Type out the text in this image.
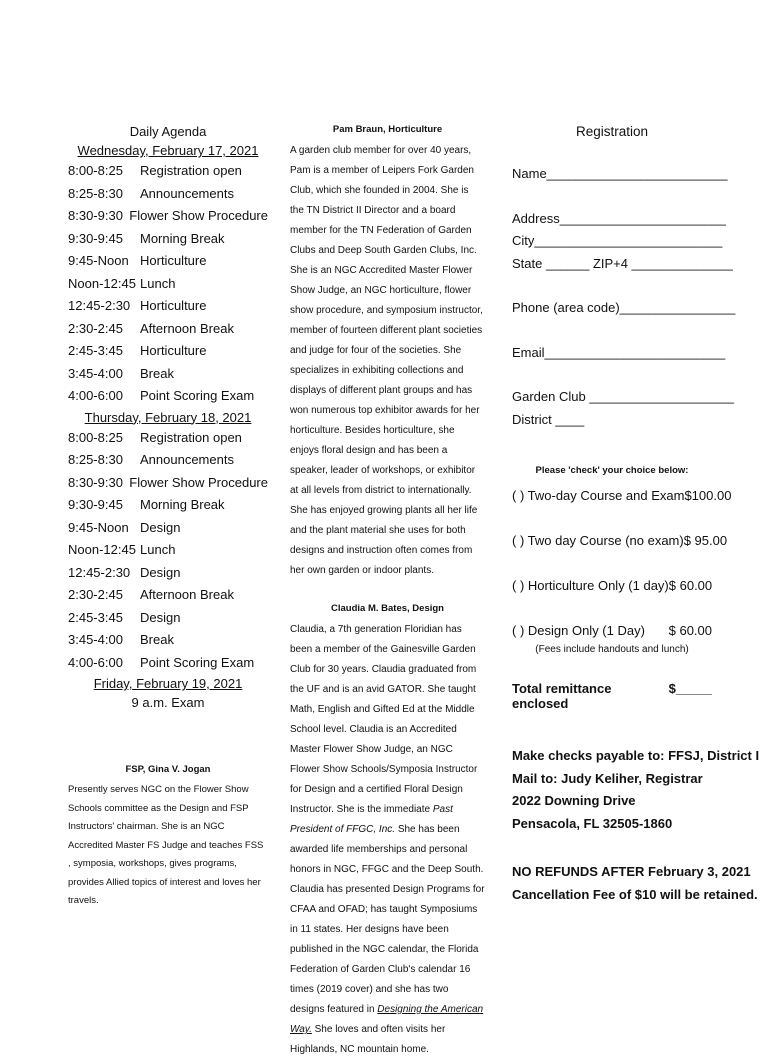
Daily Agenda
Wednesday, February 17, 2021
8:00-8:25	Registration open
8:25-8:30	Announcements
8:30-9:30 Flower Show Procedure
9:30-9:45	Morning Break
9:45-Noon Horticulture
Noon-12:45 Lunch
12:45-2:30 Horticulture
2:30-2:45	Afternoon Break
2:45-3:45	Horticulture
3:45-4:00	Break
4:00-6:00	Point Scoring Exam
Thursday, February 18, 2021
8:00-8:25	Registration open
8:25-8:30	Announcements
8:30-9:30 Flower Show Procedure
9:30-9:45	Morning Break
9:45-Noon Design
Noon-12:45 Lunch
12:45-2:30 Design
2:30-2:45	Afternoon Break
2:45-3:45	Design
3:45-4:00	Break
4:00-6:00	Point Scoring Exam
Friday, February 19, 2021
9 a.m. Exam
FSP, Gina V. Jogan
Presently serves NGC on the Flower Show Schools committee as the Design and FSP Instructors' chairman. She is an NGC Accredited Master FS Judge and teaches FSS , symposia, workshops, gives programs, provides Allied topics of interest and loves her travels.
Pam Braun, Horticulture
A garden club member for over 40 years, Pam is a member of Leipers Fork Garden Club, which she founded in 2004. She is the TN District II Director and a board member for the TN Federation of Garden Clubs and Deep South Garden Clubs, Inc. She is an NGC Accredited Master Flower Show Judge, an NGC horticulture, flower show procedure, and symposium instructor, member of fourteen different plant societies and judge for four of the societies. She specializes in exhibiting collections and displays of different plant groups and has won numerous top exhibitor awards for her horticulture. Besides horticulture, she enjoys floral design and has been a speaker, leader of workshops, or exhibitor at all levels from district to internationally. She has enjoyed growing plants all her life and the plant material she uses for both designs and instruction often comes from her own garden or indoor plants.
Claudia M. Bates, Design
Claudia, a 7th generation Floridian has been a member of the Gainesville Garden Club for 30 years. Claudia graduated from the UF and is an avid GATOR. She taught Math, English and Gifted Ed at the Middle School level. Claudia is an Accredited Master Flower Show Judge, an NGC Flower Show Schools/Symposia Instructor for Design and a certified Floral Design Instructor. She is the immediate Past President of FFGC, Inc. She has been awarded life memberships and personal honors in NGC, FFGC and the Deep South. Claudia has presented Design Programs for CFAA and OFAD; has taught Symposiums in 11 states. Her designs have been published in the NGC calendar, the Florida Federation of Garden Club's calendar 16 times (2019 cover) and she has two designs featured in Designing the American Way. She loves and often visits her Highlands, NC mountain home.
Registration
Name_________________________
Address_______________________
City__________________________
State ______ ZIP+4 ______________
Phone (area code)________________
Email_________________________
Garden Club ____________________
District ____
Please 'check' your choice below:
( ) Two-day Course and Exam $100.00
( ) Two day Course (no exam) $ 95.00
( ) Horticulture Only (1 day) $ 60.00
( ) Design Only (1 Day) $ 60.00
(Fees include handouts and lunch)
Total remittance enclosed
$_____
Make checks payable to: FFSJ, District I
Mail to: Judy Keliher, Registrar
2022 Downing Drive
Pensacola, FL 32505-1860
NO REFUNDS AFTER February 3, 2021
Cancellation Fee of $10 will be retained.
